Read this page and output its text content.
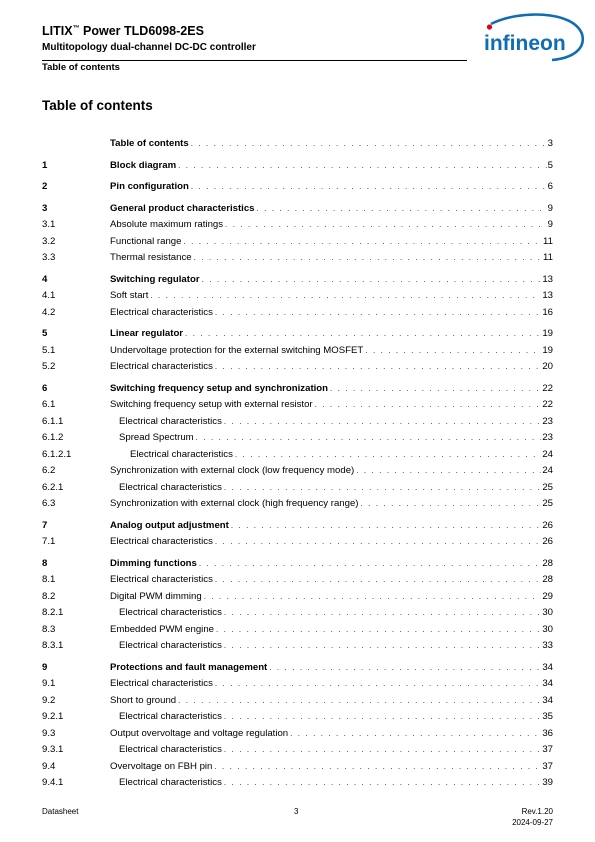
LITIX™ Power TLD6098-2ES
Multitopology dual-channel DC-DC controller
Table of contents
infineon
Table of contents
Table of contents . . .	3
1	Block diagram . . .	5
2	Pin configuration . . .	6
3	General product characteristics . . .	9
3.1	Absolute maximum ratings . . .	9
3.2	Functional range . . .	11
3.3	Thermal resistance . . .	11
4	Switching regulator . . .	13
4.1	Soft start . . .	13
4.2	Electrical characteristics . . .	16
5	Linear regulator . . .	19
5.1	Undervoltage protection for the external switching MOSFET . . .	19
5.2	Electrical characteristics . . .	20
6	Switching frequency setup and synchronization . . .	22
6.1	Switching frequency setup with external resistor . . .	22
6.1.1	Electrical characteristics . . .	23
6.1.2	Spread Spectrum . . .	23
6.1.2.1	Electrical characteristics . . .	24
6.2	Synchronization with external clock (low frequency mode) . . .	24
6.2.1	Electrical characteristics . . .	25
6.3	Synchronization with external clock (high frequency range) . . .	25
7	Analog output adjustment . . .	26
7.1	Electrical characteristics . . .	26
8	Dimming functions . . .	28
8.1	Electrical characteristics . . .	28
8.2	Digital PWM dimming . . .	29
8.2.1	Electrical characteristics . . .	30
8.3	Embedded PWM engine . . .	30
8.3.1	Electrical characteristics . . .	33
9	Protections and fault management . . .	34
9.1	Electrical characteristics . . .	34
9.2	Short to ground . . .	34
9.2.1	Electrical characteristics . . .	35
9.3	Output overvoltage and voltage regulation . . .	36
9.3.1	Electrical characteristics . . .	37
9.4	Overvoltage on FBH pin . . .	37
9.4.1	Electrical characteristics . . .	39
Datasheet	3	Rev.1.20
2024-09-27
